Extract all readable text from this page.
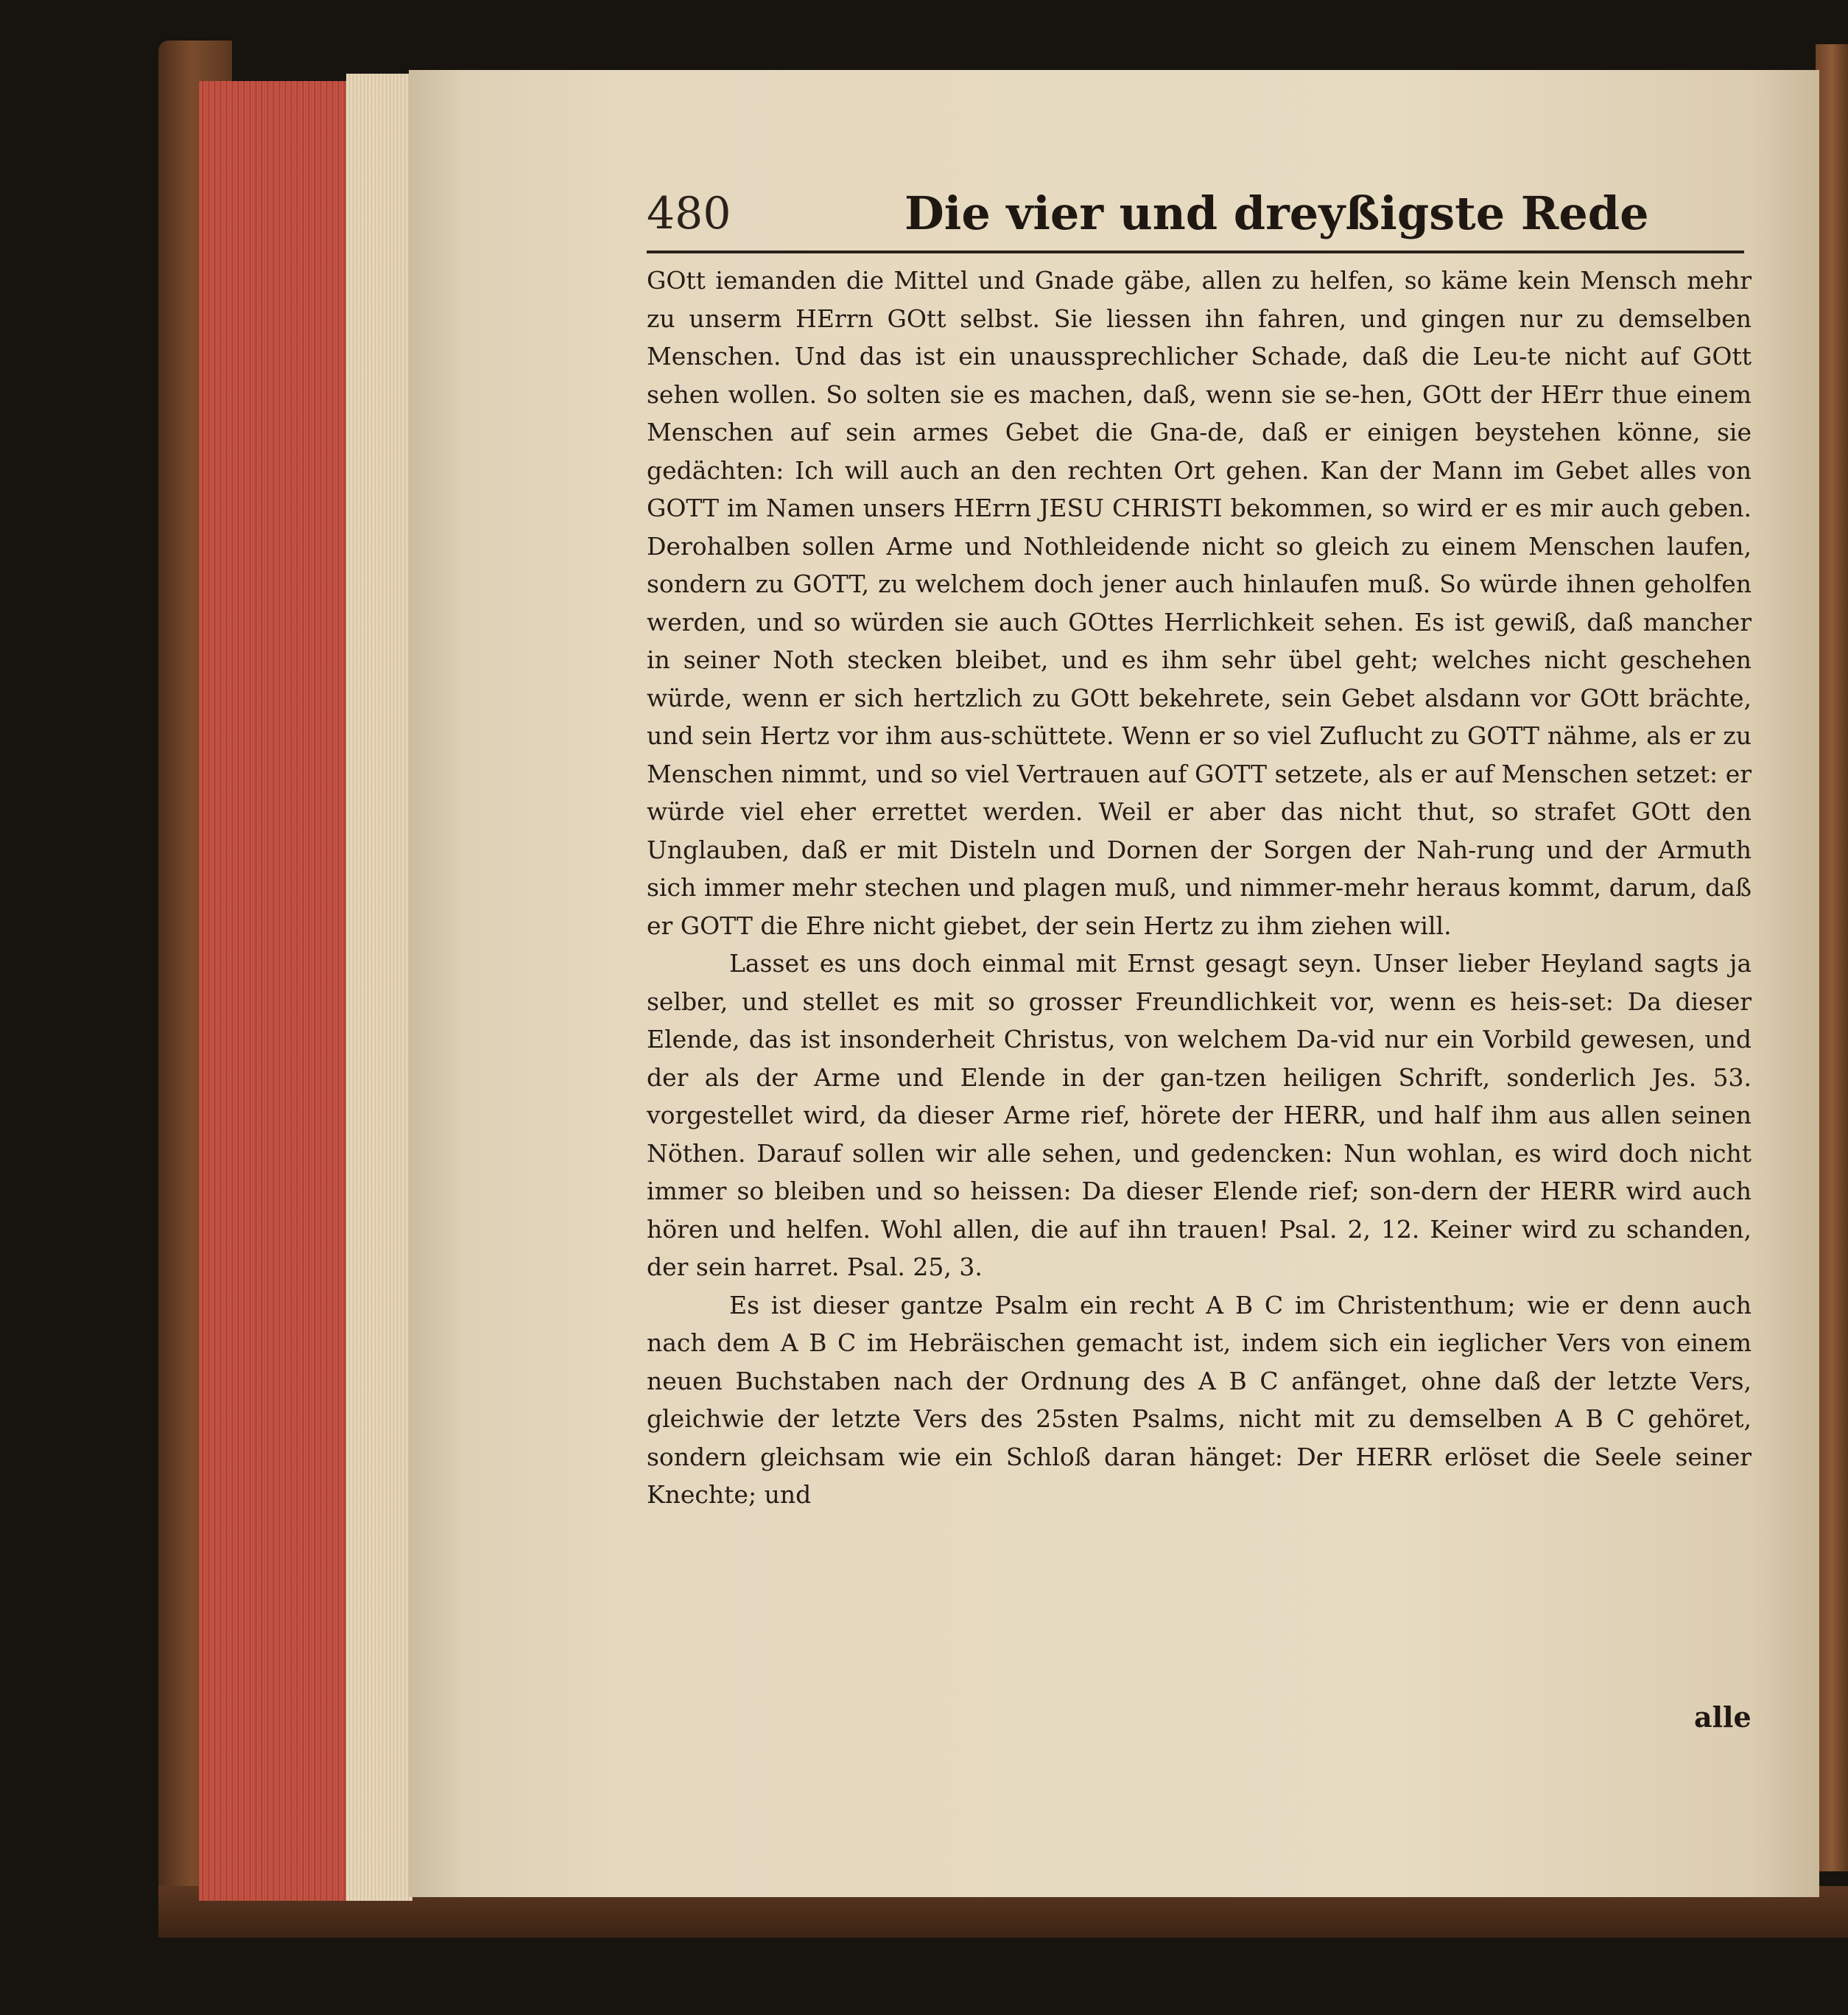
480	Die vier und dreyßigste Rede

GOtt iemanden die Mittel und Gnade gäbe, allen zu helfen, so käme kein Mensch mehr zu unserm HErrn GOtt selbst. Sie liessen ihn fahren, und gingen nur zu demselben Menschen. Und das ist ein unaussprechlicher Schade, daß die Leu-te nicht auf GOtt sehen wollen. So solten sie es machen, daß, wenn sie se-hen, GOtt der HErr thue einem Menschen auf sein armes Gebet die Gna-de, daß er einigen beystehen könne, sie gedächten: Ich will auch an den rechten Ort gehen. Kan der Mann im Gebet alles von GOTT im Namen unsers HErrn JESU CHRISTI bekommen, so wird er es mir auch geben. Derohalben sollen Arme und Nothleidende nicht so gleich zu einem Menschen laufen, sondern zu GOTT, zu welchem doch jener auch hinlaufen muß. So würde ihnen geholfen werden, und so würden sie auch GOttes Herrlichkeit sehen. Es ist gewiß, daß mancher in seiner Noth stecken bleibet, und es ihm sehr übel geht; welches nicht geschehen würde, wenn er sich hertzlich zu GOtt bekehrete, sein Gebet alsdann vor GOtt brächte, und sein Hertz vor ihm aus-schüttete. Wenn er so viel Zuflucht zu GOTT nähme, als er zu Menschen nimmt, und so viel Vertrauen auf GOTT setzete, als er auf Menschen setzet: er würde viel eher errettet werden. Weil er aber das nicht thut, so strafet GOtt den Unglauben, daß er mit Disteln und Dornen der Sorgen der Nah-rung und der Armuth sich immer mehr stechen und plagen muß, und nimmer-mehr heraus kommt, darum, daß er GOTT die Ehre nicht giebet, der sein Hertz zu ihm ziehen will.

Lasset es uns doch einmal mit Ernst gesagt seyn. Unser lieber Heyland sagts ja selber, und stellet es mit so grosser Freundlichkeit vor, wenn es heis-set: Da dieser Elende, das ist insonderheit Christus, von welchem Da-vid nur ein Vorbild gewesen, und der als der Arme und Elende in der gan-tzen heiligen Schrift, sonderlich Jes. 53. vorgestellet wird, da dieser Arme rief, hörete der HERR, und half ihm aus allen seinen Nöthen. Darauf sollen wir alle sehen, und gedencken: Nun wohlan, es wird doch nicht immer so bleiben und so heissen: Da dieser Elende rief; son-dern der HERR wird auch hören und helfen. Wohl allen, die auf ihn trauen! Psal. 2, 12. Keiner wird zu schanden, der sein harret. Psal. 25, 3.

Es ist dieser gantze Psalm ein recht A B C im Christenthum; wie er denn auch nach dem A B C im Hebräischen gemacht ist, indem sich ein ieglicher Vers von einem neuen Buchstaben nach der Ordnung des A B C anfänget, ohne daß der letzte Vers, gleichwie der letzte Vers des 25sten Psalms, nicht mit zu demselben A B C gehöret, sondern gleichsam wie ein Schloß daran hänget: Der HERR erlöset die Seele seiner Knechte; und

alle
